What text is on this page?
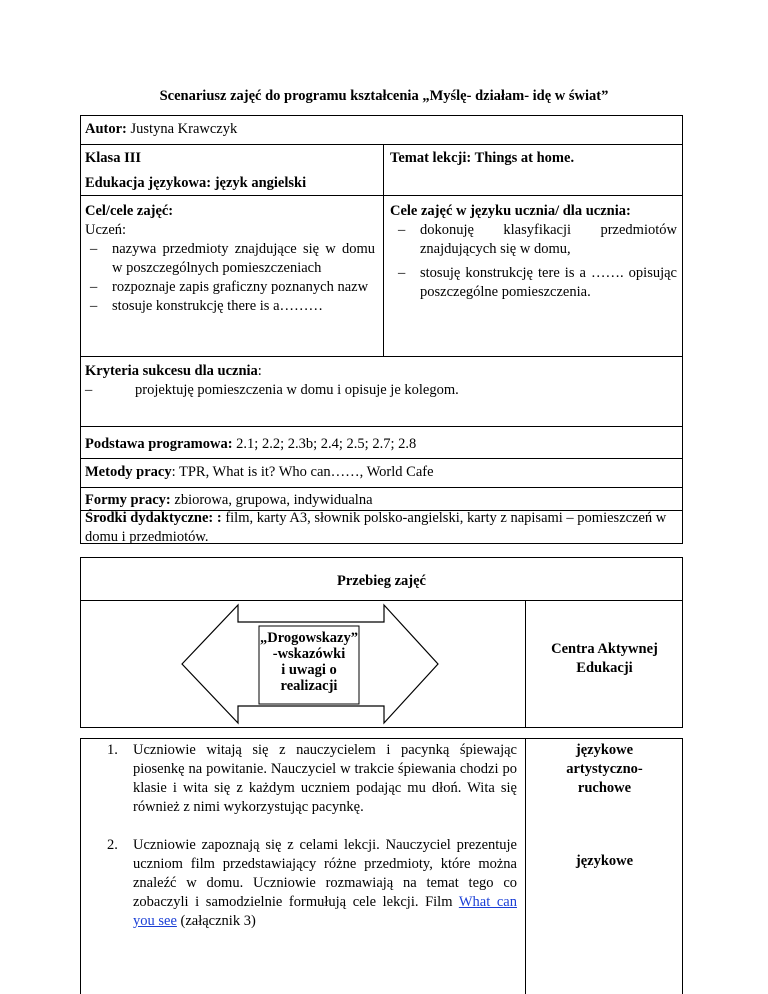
Scenariusz zajęć do programu kształcenia „Myślę- działam- idę w świat”
Autor: Justyna Krawczyk
Klasa III	Temat lekcji: Things at home.
Edukacja językowa: język angielski
Cel/cele zajęć:
Uczeń:
– nazywa przedmioty znajdujące się w domu w poszczególnych pomieszczeniach
– rozpoznaje zapis graficzny poznanych nazw
– stosuje konstrukcję there is a………
Cele zajęć w języku ucznia/ dla ucznia:
– dokonuję klasyfikacji przedmiotów znajdujących się w domu,
– stosuję konstrukcję tere is a ……. opisując poszczególne pomieszczenia.
Kryteria sukcesu dla ucznia:
–	projektuję pomieszczenia w domu i opisuje je kolegom.
Podstawa programowa: 2.1; 2.2; 2.3b; 2.4; 2.5; 2.7; 2.8
Metody pracy: TPR, What is it? Who can……, World Cafe
Formy pracy: zbiorowa, grupowa, indywidualna
Środki dydaktyczne: : film, karty A3, słownik polsko-angielski, karty z napisami – pomieszczeń w domu i przedmiotów.
Przebieg zajęć
„Drogowskazy”
-wskazówki
i uwagi o
realizacji
Centra Aktywnej
Edukacji
1. Uczniowie witają się z nauczycielem i pacynką śpiewając piosenkę na powitanie. Nauczyciel w trakcie śpiewania chodzi po klasie i wita się z każdym uczniem podając mu dłoń. Wita się również z nimi wykorzystując pacynkę.
2. Uczniowie zapoznają się z celami lekcji. Nauczyciel prezentuje uczniom film przedstawiający różne przedmioty, które można znaleźć w domu. Uczniowie rozmawiają na temat tego co zobaczyli i samodzielnie formułują cele lekcji. Film What can you see (załącznik 3)
językowe
artystyczno-
ruchowe
językowe
